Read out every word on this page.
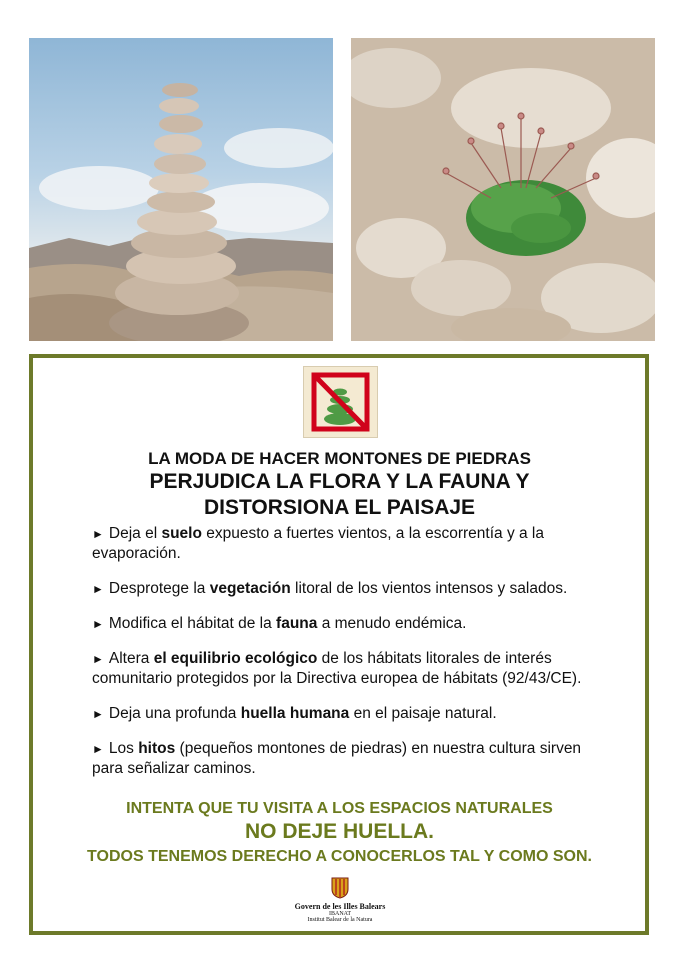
LA MODA DE HACER MONTONES DE PIEDRAS
PERJUDICA LA FLORA Y LA FAUNA Y
DISTORSIONA EL PAISAJE
► Deja el suelo expuesto a fuertes vientos, a la escorrentía y a la evaporación.
► Desprotege la vegetación litoral de los vientos intensos y salados.
► Modifica el hábitat de la fauna a menudo endémica.
► Altera el equilibrio ecológico de los hábitats litorales de interés comunitario protegidos por la Directiva europea de hábitats (92/43/CE).
► Deja una profunda huella humana en el paisaje natural.
► Los hitos (pequeños montones de piedras) en nuestra cultura sirven para señalizar caminos.
INTENTA QUE TU VISITA A LOS ESPACIOS NATURALES
NO DEJE HUELLA.
TODOS TENEMOS DERECHO A CONOCERLOS TAL Y COMO SON.
Govern de les Illes Balears
IBANAT
Institut Balear de la Natura
